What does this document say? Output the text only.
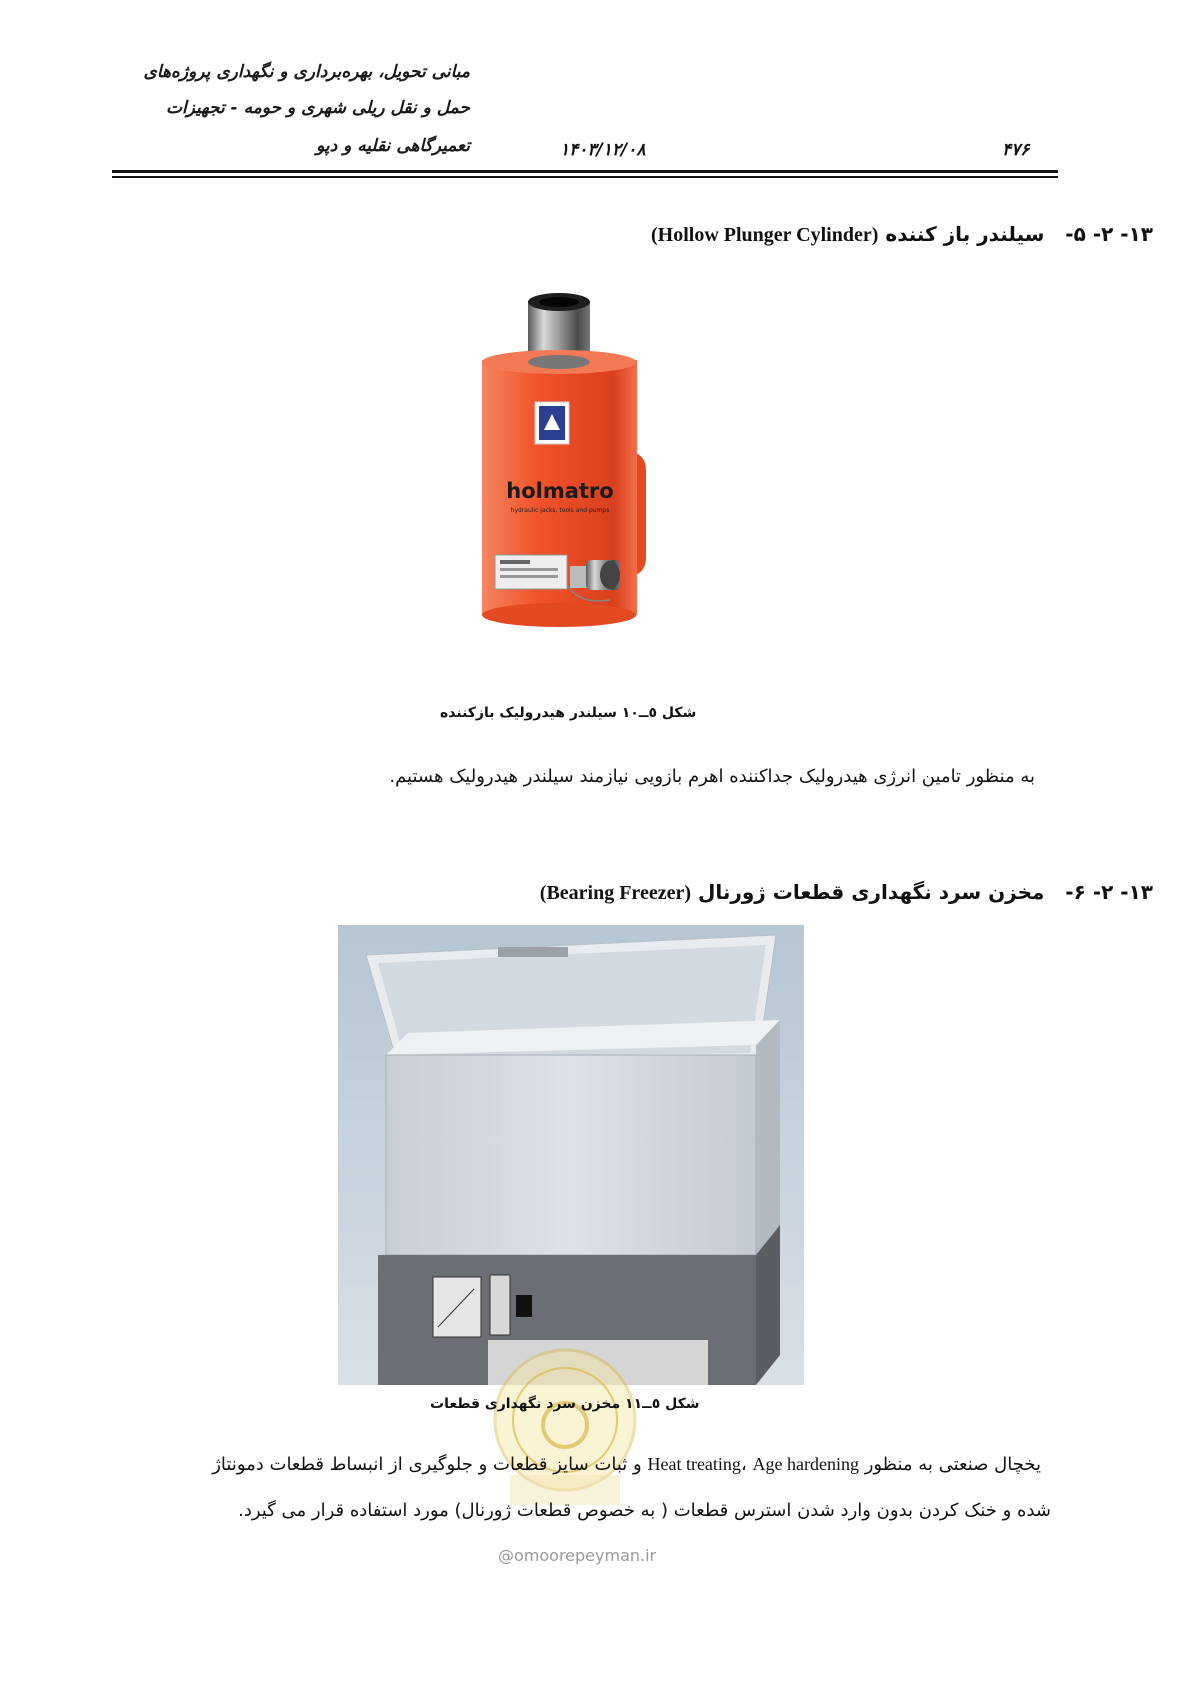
مبانی تحویل، بهره‌برداری و نگهداری پروژه‌های
حمل و نقل ریلی شهری و حومه - تجهیزات
تعمیرگاهی نقلیه و دپو	۱۴۰۳/۱۲/۰۸	۴۷۶
۱۳- ۲- ۵-   سیلندر باز کننده (Hollow Plunger Cylinder)
holmatro
hydraulic jacks, tools and pumps
شکل ٥ــ١٠ سیلندر هیدرولیک بازکننده
به منظور تامین انرژی هیدرولیک جداکننده اهرم بازویی نیازمند سیلندر هیدرولیک هستیم.
۱۳- ۲- ۶-   مخزن سرد نگهداری قطعات ژورنال (Bearing Freezer)
شکل ٥ــ١١ مخزن سرد نگهداری قطعات
یخچال صنعتی به منظور Heat treating، Age hardening و ثبات سایز قطعات و جلوگیری از انبساط قطعات دمونتاژ
شده و خنک کردن بدون وارد شدن استرس قطعات ( به خصوص قطعات ژورنال) مورد استفاده قرار می گیرد.
@omoorepeyman.ir
